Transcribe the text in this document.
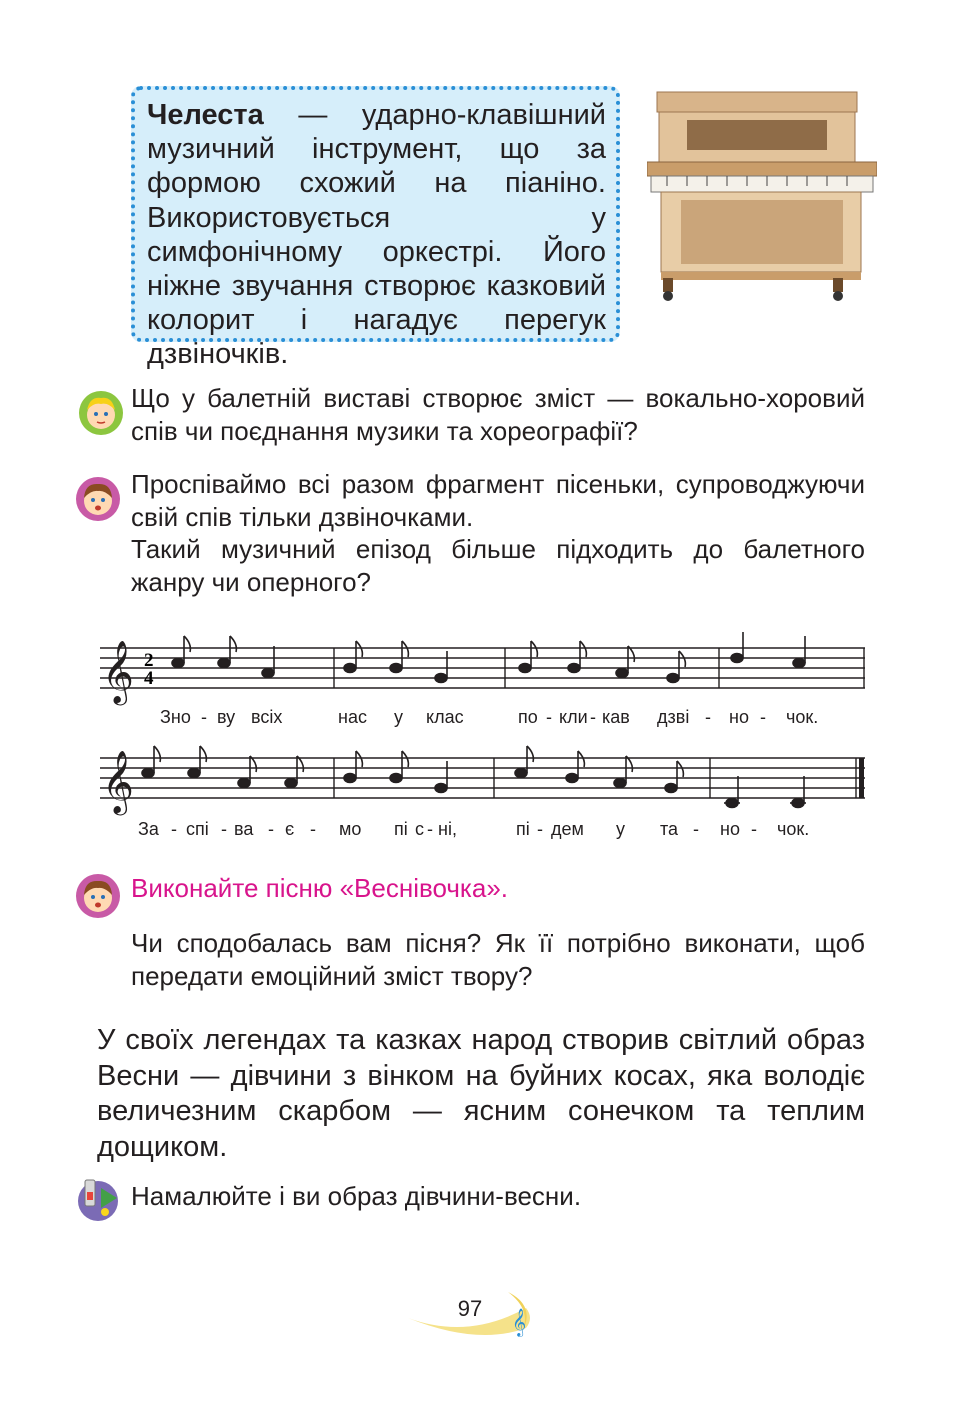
Челеста — ударно-клавішний музичний інструмент, що за формою схожий на піаніно. Використовується у симфонічному оркестрі. Його ніжне звучання створює казковий колорит і нагадує перегук дзвіночків.
Що у балетній виставі створює зміст — вокально-хоровий спів чи поєднання музики та хореографії?
Проспіваймо всі разом фрагмент пісеньки, супроводжуючи свій спів тільки дзвіночками.
Такий музичний епізод більше підходить до балетного жанру чи оперного?
𝄞 2
4
Зно - ву всіх	нас у клас	по - кли - кав дзві - но - чок.
𝄞
За - спі - ва - є - мо пі с - ні,	пі - дем у та - но - чок.
Виконайте пісню «Веснівочка».
Чи сподобалась вам пісня? Як її потрібно виконати, щоб передати емоційний зміст твору?
У своїх легендах та казках народ створив світлий образ Весни — дівчини з вінком на буйних косах, яка володіє величезним скарбом — ясним сонечком та теплим дощиком.
Намалюйте і ви образ дівчини-весни.
𝄞
97
